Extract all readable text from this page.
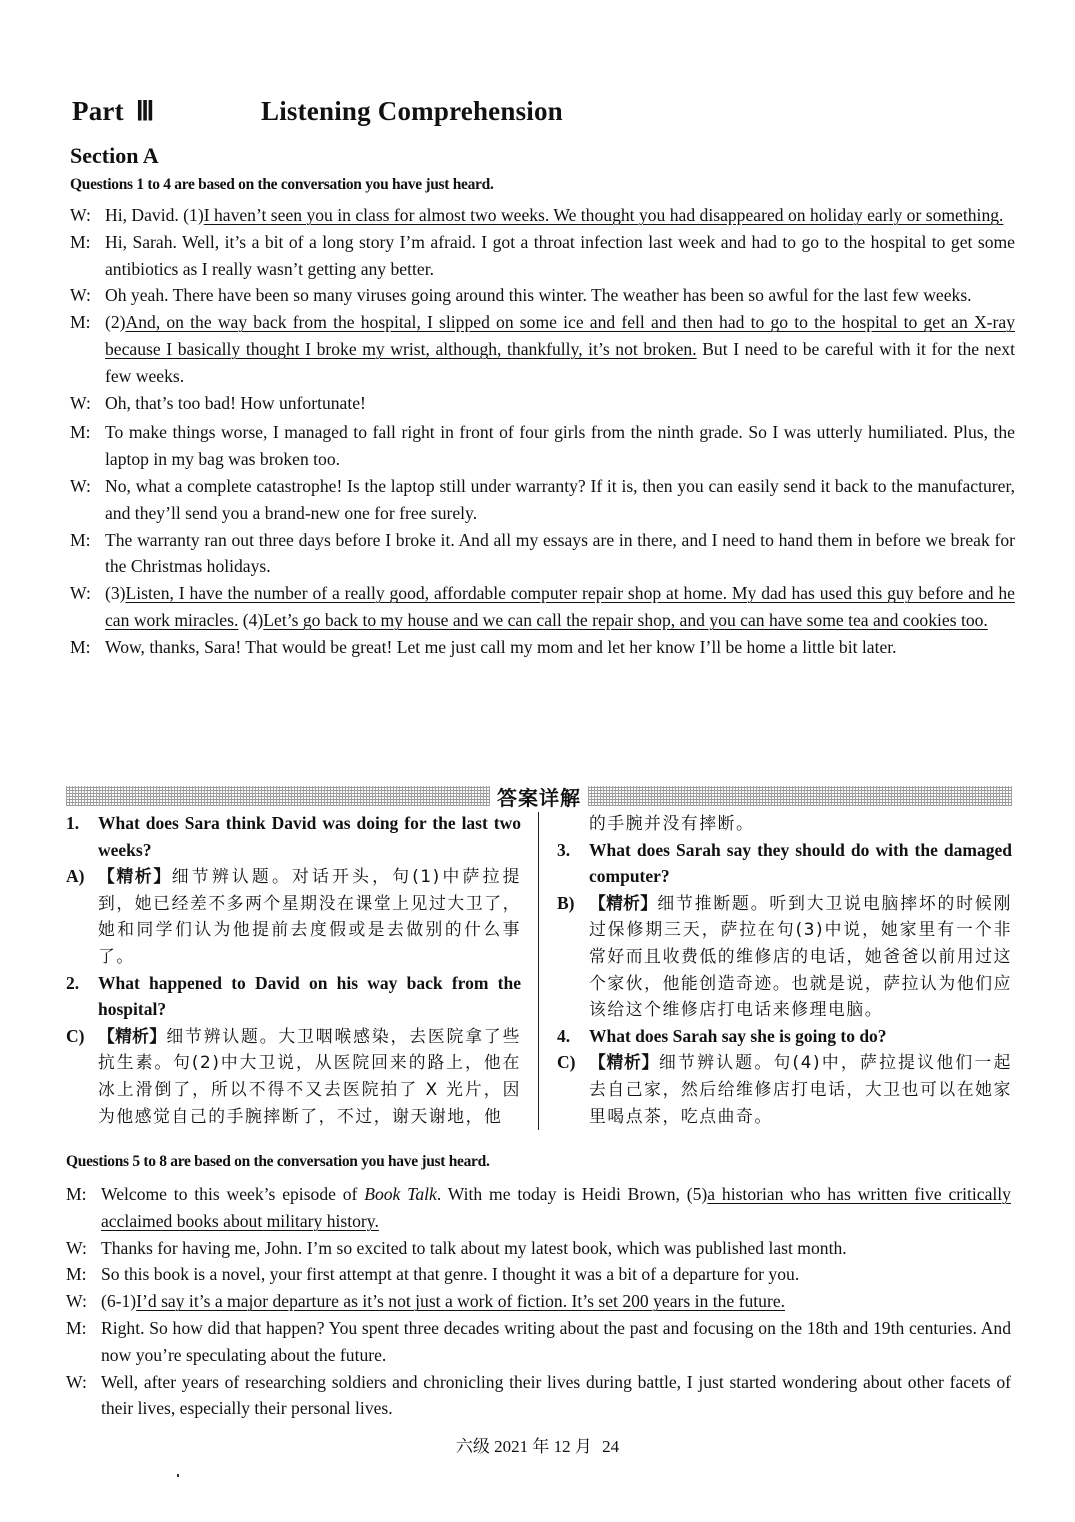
Part Ⅲ	Listening Comprehension
Section A
Questions 1 to 4 are based on the conversation you have just heard.
W: Hi, David. (1)I haven’t seen you in class for almost two weeks. We thought you had disappeared on holiday early or something.
M: Hi, Sarah. Well, it’s a bit of a long story I’m afraid. I got a throat infection last week and had to go to the hospital to get some antibiotics as I really wasn’t getting any better.
W: Oh yeah. There have been so many viruses going around this winter. The weather has been so awful for the last few weeks.
M: (2)And, on the way back from the hospital, I slipped on some ice and fell and then had to go to the hospital to get an X-ray because I basically thought I broke my wrist, although, thankfully, it’s not broken. But I need to be careful with it for the next few weeks.
W: Oh, that’s too bad! How unfortunate!
M: To make things worse, I managed to fall right in front of four girls from the ninth grade. So I was utterly humiliated. Plus, the laptop in my bag was broken too.
W: No, what a complete catastrophe! Is the laptop still under warranty? If it is, then you can easily send it back to the manufacturer, and they’ll send you a brand-new one for free surely.
M: The warranty ran out three days before I broke it. And all my essays are in there, and I need to hand them in before we break for the Christmas holidays.
W: (3)Listen, I have the number of a really good, affordable computer repair shop at home. My dad has used this guy before and he can work miracles. (4)Let’s go back to my house and we can call the repair shop, and you can have some tea and cookies too.
M: Wow, thanks, Sara! That would be great! Let me just call my mom and let her know I’ll be home a little bit later.
答案详解
1. What does Sara think David was doing for the last two weeks?
A) 【精析】细节辨认题。对话开头，句(1)中萨拉提到，她已经差不多两个星期没在课堂上见过大卫了，她和同学们认为他提前去度假或是去做别的什么事了。
2. What happened to David on his way back from the hospital?
C) 【精析】细节辨认题。大卫咽喉感染，去医院拿了些抗生素。句(2)中大卫说，从医院回来的路上，他在冰上滑倒了，所以不得不又去医院拍了 X 光片，因为他感觉自己的手腕摔断了，不过，谢天谢地，他
的手腕并没有摔断。
3. What does Sarah say they should do with the damaged computer?
B) 【精析】细节推断题。听到大卫说电脑摔坏的时候刚过保修期三天，萨拉在句(3)中说，她家里有一个非常好而且收费低的维修店的电话，她爸爸以前用过这个家伙，他能创造奇迹。也就是说，萨拉认为他们应该给这个维修店打电话来修理电脑。
4. What does Sarah say she is going to do?
C) 【精析】细节辨认题。句(4)中，萨拉提议他们一起去自己家，然后给维修店打电话，大卫也可以在她家里喝点茶，吃点曲奇。
Questions 5 to 8 are based on the conversation you have just heard.
M: Welcome to this week’s episode of Book Talk. With me today is Heidi Brown, (5)a historian who has written five critically acclaimed books about military history.
W: Thanks for having me, John. I’m so excited to talk about my latest book, which was published last month.
M: So this book is a novel, your first attempt at that genre. I thought it was a bit of a departure for you.
W: (6-1)I’d say it’s a major departure as it’s not just a work of fiction. It’s set 200 years in the future.
M: Right. So how did that happen? You spent three decades writing about the past and focusing on the 18th and 19th centuries. And now you’re speculating about the future.
W: Well, after years of researching soldiers and chronicling their lives during battle, I just started wondering about other facets of their lives, especially their personal lives.
六级 2021 年 12 月 24
